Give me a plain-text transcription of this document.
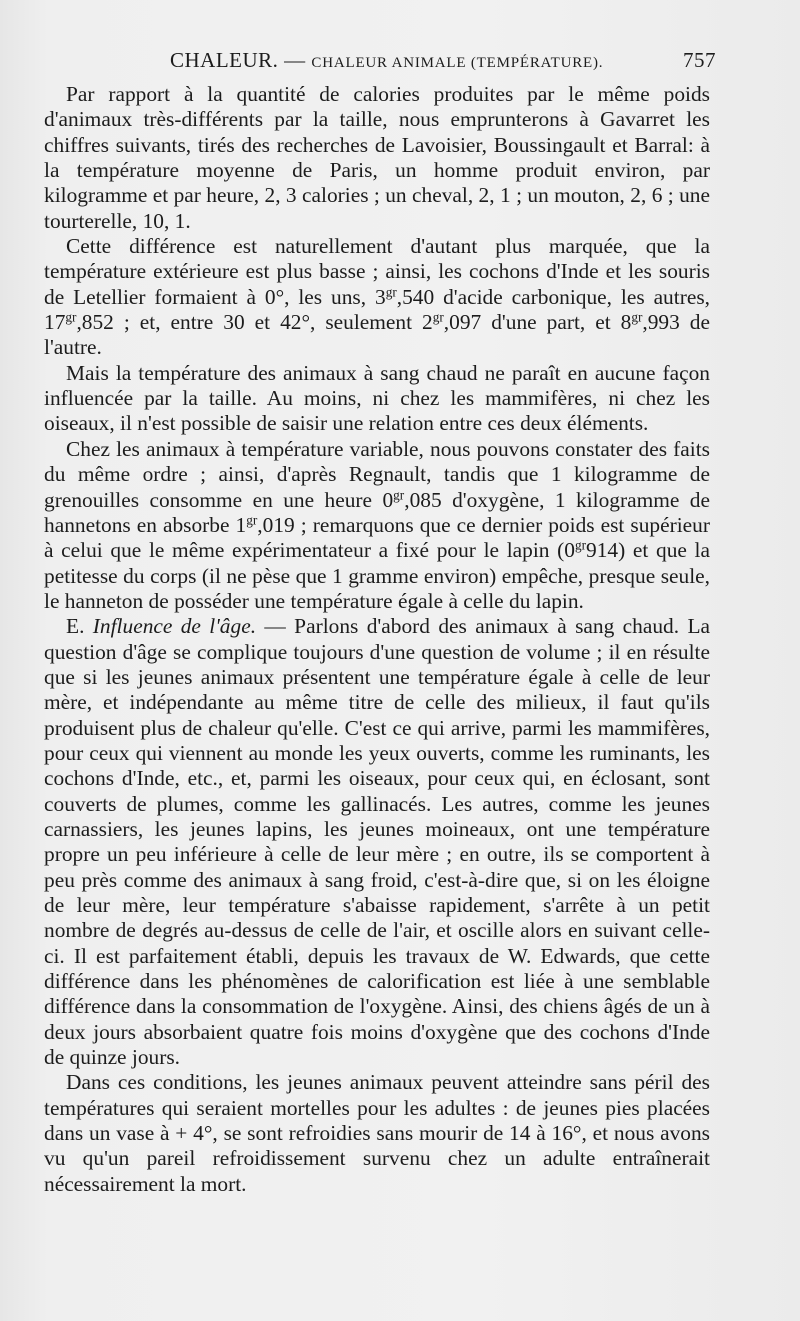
CHALEUR. — CHALEUR ANIMALE (TEMPÉRATURE).	757

Par rapport à la quantité de calories produites par le même poids d'animaux très-différents par la taille, nous emprunterons à Gavarret les chiffres suivants, tirés des recherches de Lavoisier, Boussingault et Barral: à la température moyenne de Paris, un homme produit environ, par kilogramme et par heure, 2, 3 calories ; un cheval, 2, 1 ; un mouton, 2, 6 ; une tourterelle, 10, 1.

Cette différence est naturellement d'autant plus marquée, que la température extérieure est plus basse ; ainsi, les cochons d'Inde et les souris de Letellier formaient à 0°, les uns, $3^{gr},540$ d'acide carbonique, les autres, $17^{gr},852$ ; et, entre 30 et 42°, seulement $2^{gr},097$ d'une part, et $8^{gr},993$ de l'autre.

Mais la température des animaux à sang chaud ne paraît en aucune façon influencée par la taille. Au moins, ni chez les mammifères, ni chez les oiseaux, il n'est possible de saisir une relation entre ces deux éléments.

Chez les animaux à température variable, nous pouvons constater des faits du même ordre ; ainsi, d'après Regnault, tandis que 1 kilogramme de grenouilles consomme en une heure $0^{gr},085$ d'oxygène, 1 kilogramme de hannetons en absorbe $1^{gr},019$ ; remarquons que ce dernier poids est supérieur à celui que le même expérimentateur a fixé pour le lapin $(0^{gr}914)$ et que la petitesse du corps (il ne pèse que 1 gramme environ) empêche, presque seule, le hanneton de posséder une température égale à celle du lapin.

E. Influence de l'âge. — Parlons d'abord des animaux à sang chaud. La question d'âge se complique toujours d'une question de volume ; il en résulte que si les jeunes animaux présentent une température égale à celle de leur mère, et indépendante au même titre de celle des milieux, il faut qu'ils produisent plus de chaleur qu'elle. C'est ce qui arrive, parmi les mammifères, pour ceux qui viennent au monde les yeux ouverts, comme les ruminants, les cochons d'Inde, etc., et, parmi les oiseaux, pour ceux qui, en éclosant, sont couverts de plumes, comme les gallinacés. Les autres, comme les jeunes carnassiers, les jeunes lapins, les jeunes moineaux, ont une température propre un peu inférieure à celle de leur mère ; en outre, ils se comportent à peu près comme des animaux à sang froid, c'est-à-dire que, si on les éloigne de leur mère, leur température s'abaisse rapidement, s'arrête à un petit nombre de degrés au-dessus de celle de l'air, et oscille alors en suivant celle-ci. Il est parfaitement établi, depuis les travaux de W. Edwards, que cette différence dans les phénomènes de calorification est liée à une semblable différence dans la consommation de l'oxygène. Ainsi, des chiens âgés de un à deux jours absorbaient quatre fois moins d'oxygène que des cochons d'Inde de quinze jours.

Dans ces conditions, les jeunes animaux peuvent atteindre sans péril des températures qui seraient mortelles pour les adultes : de jeunes pies placées dans un vase à + 4°, se sont refroidies sans mourir de 14 à 16°, et nous avons vu qu'un pareil refroidissement survenu chez un adulte entraînerait nécessairement la mort.
